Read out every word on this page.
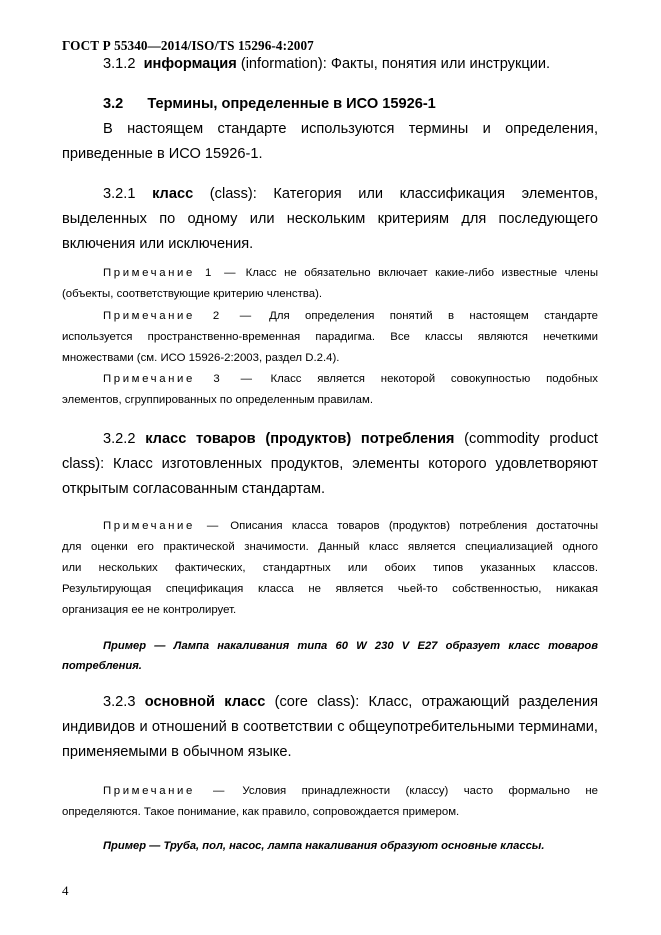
ГОСТ Р 55340—2014/ISO/TS 15296-4:2007
3.1.2 информация (information): Факты, понятия или инструкции.
3.2 Термины, определенные в ИСО 15926-1
В настоящем стандарте используются термины и определения,
приведенные в ИСО 15926-1.
3.2.1 класс (class): Категория или классификация элементов,
выделенных по одному или нескольким критериям для последующего
включения или исключения.
Примечание 1 — Класс не обязательно включает какие-либо известные члены
(объекты, соответствующие критерию членства).
Примечание 2 — Для определения понятий в настоящем стандарте
используется пространственно-временная парадигма. Все классы являются нечеткими
множествами (см. ИСО 15926-2:2003, раздел D.2.4).
Примечание 3 — Класс является некоторой совокупностью подобных
элементов, сгруппированных по определенным правилам.
3.2.2 класс товаров (продуктов) потребления (commodity product
class): Класс изготовленных продуктов, элементы которого удовлетворяют
открытым согласованным стандартам.
Примечание — Описания класса товаров (продуктов) потребления достаточны
для оценки его практической значимости. Данный класс является специализацией одного
или нескольких фактических, стандартных или обоих типов указанных классов.
Результирующая спецификация класса не является чьей-то собственностью, никакая
организация ее не контролирует.
Пример — Лампа накаливания типа 60 W 230 V E27 образует класс товаров
потребления.
3.2.3 основной класс (core class): Класс, отражающий разделения
индивидов и отношений в соответствии с общеупотребительными терминами,
применяемыми в обычном языке.
Примечание — Условия принадлежности (классу) часто формально не
определяются. Такое понимание, как правило, сопровождается примером.
Пример — Труба, пол, насос, лампа накаливания образуют основные классы.
4
